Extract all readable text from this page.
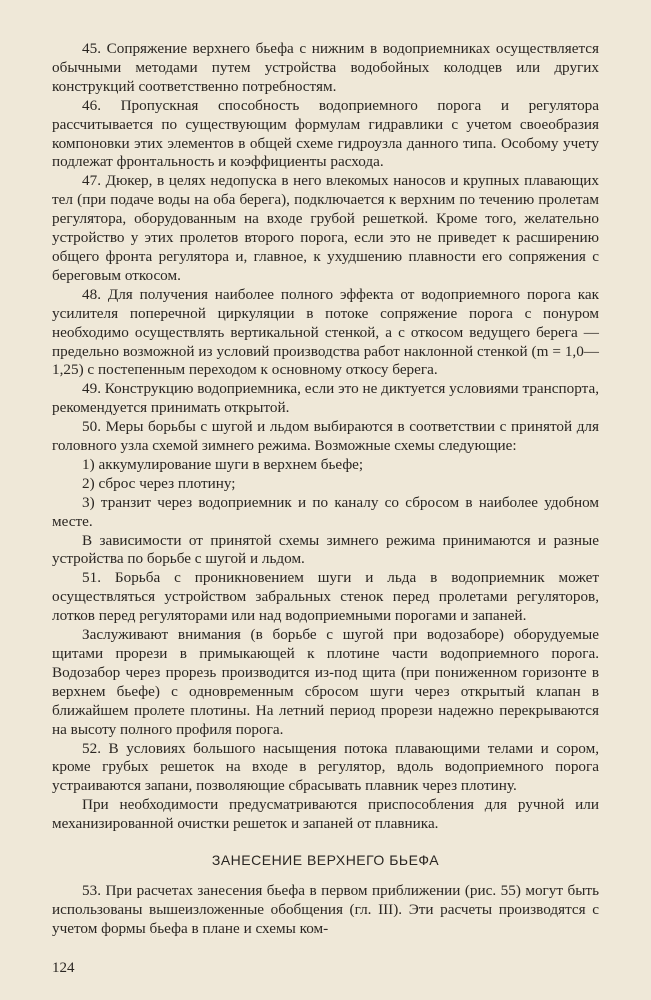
45. Сопряжение верхнего бьефа с нижним в водоприемниках осуществляется обычными методами путем устройства водобойных колодцев или других конструкций соответственно потребностям.

46. Пропускная способность водоприемного порога и регулятора рассчитывается по существующим формулам гидравлики с учетом своеобразия компоновки этих элементов в общей схеме гидроузла данного типа. Особому учету подлежат фронтальность и коэффициенты расхода.

47. Дюкер, в целях недопуска в него влекомых наносов и крупных плавающих тел (при подаче воды на оба берега), подключается к верхним по течению пролетам регулятора, оборудованным на входе грубой решеткой. Кроме того, желательно устройство у этих пролетов второго порога, если это не приведет к расширению общего фронта регулятора и, главное, к ухудшению плавности его сопряжения с береговым откосом.

48. Для получения наиболее полного эффекта от водоприемного порога как усилителя поперечной циркуляции в потоке сопряжение порога с понуром необходимо осуществлять вертикальной стенкой, а с откосом ведущего берега — предельно возможной из условий производства работ наклонной стенкой (m = 1,0—1,25) с постепенным переходом к основному откосу берега.

49. Конструкцию водоприемника, если это не диктуется условиями транспорта, рекомендуется принимать открытой.

50. Меры борьбы с шугой и льдом выбираются в соответствии с принятой для головного узла схемой зимнего режима. Возможные схемы следующие:

1) аккумулирование шуги в верхнем бьефе;

2) сброс через плотину;

3) транзит через водоприемник и по каналу со сбросом в наиболее удобном месте.

В зависимости от принятой схемы зимнего режима принимаются и разные устройства по борьбе с шугой и льдом.

51. Борьба с проникновением шуги и льда в водоприемник может осуществляться устройством забральных стенок перед пролетами регуляторов, лотков перед регуляторами или над водоприемными порогами и запаней.

Заслуживают внимания (в борьбе с шугой при водозаборе) оборудуемые щитами прорези в примыкающей к плотине части водоприемного порога. Водозабор через прорезь производится из-под щита (при пониженном горизонте в верхнем бьефе) с одновременным сбросом шуги через открытый клапан в ближайшем пролете плотины. На летний период прорези надежно перекрываются на высоту полного профиля порога.

52. В условиях большого насыщения потока плавающими телами и сором, кроме грубых решеток на входе в регулятор, вдоль водоприемного порога устраиваются запани, позволяющие сбрасывать плавник через плотину.

При необходимости предусматриваются приспособления для ручной или механизированной очистки решеток и запаней от плавника.

ЗАНЕСЕНИЕ ВЕРХНЕГО БЬЕФА

53. При расчетах занесения бьефа в первом приближении (рис. 55) могут быть использованы вышеизложенные обобщения (гл. III). Эти расчеты производятся с учетом формы бьефа в плане и схемы ком-

124
